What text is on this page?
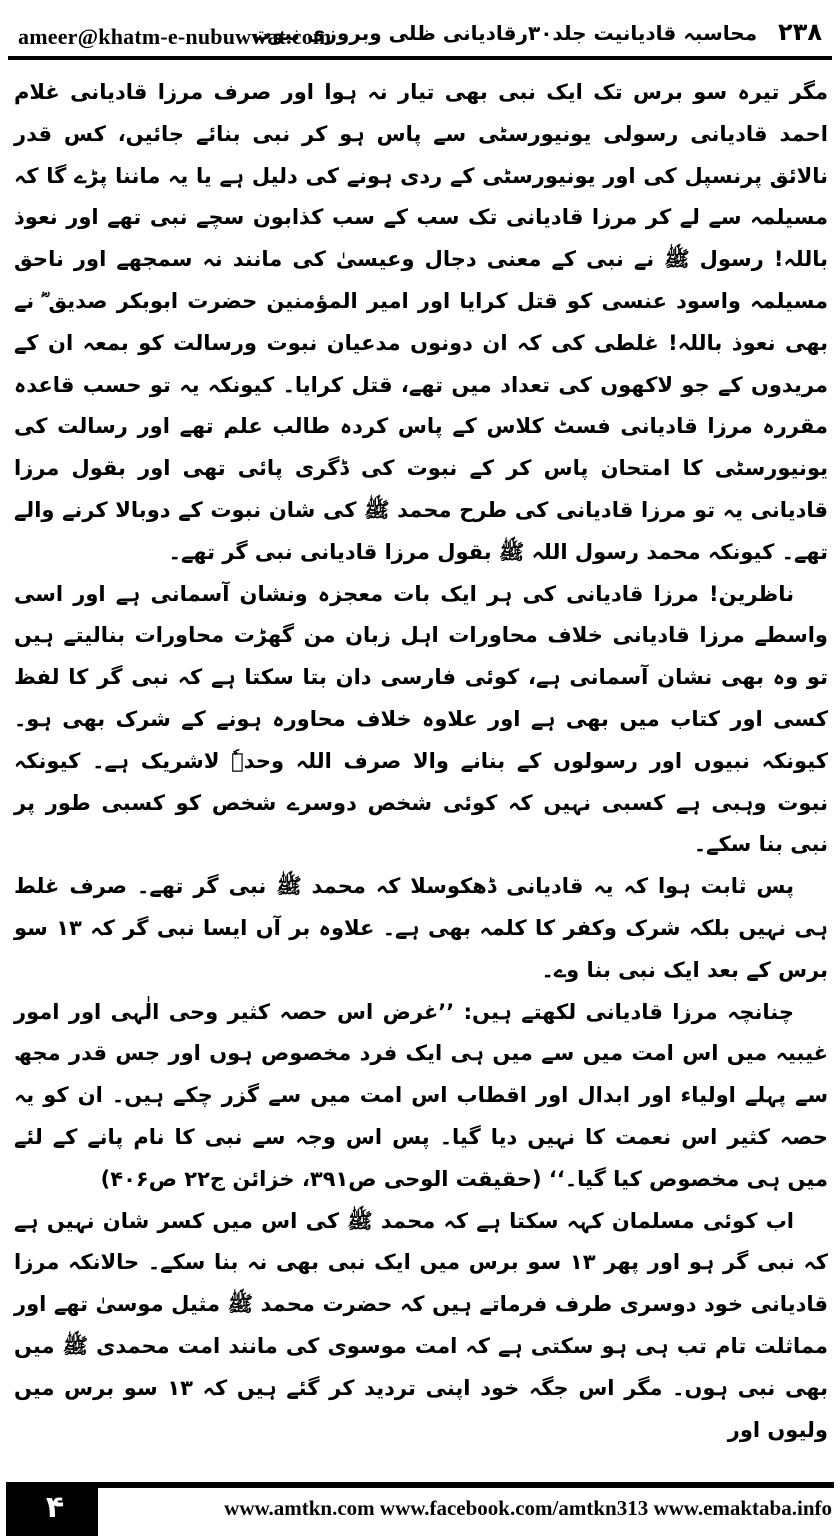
ameer@khatm-e-nubuwwat.com	۲۳۸ محاسبہ قادیانیت جلد۳۰رقادیانی ظلی وبروزی نبوت

مگر تیرہ سو برس تک ایک نبی بھی تیار نہ ہوا اور صرف مرزا قادیانی غلام احمد قادیانی رسولی یونیورسٹی سے پاس ہو کر نبی بنائے جائیں، کس قدر نالائق پرنسپل کی اور یونیورسٹی کے ردی ہونے کی دلیل ہے یا یہ ماننا پڑے گا کہ مسیلمہ سے لے کر مرزا قادیانی تک سب کے سب کذابون سچے نبی تھے اور نعوذ باللہ! رسول ﷺ نے نبی کے معنی دجال وعیسیٰ کی مانند نہ سمجھے اور ناحق مسیلمہ واسود عنسی کو قتل کرایا اور امیر المؤمنین حضرت ابوبکر صدیق ؓ نے بھی نعوذ باللہ! غلطی کی کہ ان دونوں مدعیان نبوت ورسالت کو بمعہ ان کے مریدوں کے جو لاکھوں کی تعداد میں تھے، قتل کرایا۔ کیونکہ یہ تو حسب قاعدہ مقررہ مرزا قادیانی فسٹ کلاس کے پاس کردہ طالب علم تھے اور رسالت کی یونیورسٹی کا امتحان پاس کر کے نبوت کی ڈگری پائی تھی اور بقول مرزا قادیانی یہ تو مرزا قادیانی کی طرح محمد ﷺ کی شان نبوت کے دوبالا کرنے والے تھے۔ کیونکہ محمد رسول اللہ ﷺ بقول مرزا قادیانی نبی گر تھے۔

ناظرین! مرزا قادیانی کی ہر ایک بات معجزہ ونشان آسمانی ہے اور اسی واسطے مرزا قادیانی خلاف محاورات اہل زبان من گھڑت محاورات بنالیتے ہیں تو وہ بھی نشان آسمانی ہے، کوئی فارسی دان بتا سکتا ہے کہ نبی گر کا لفظ کسی اور کتاب میں بھی ہے اور علاوہ خلاف محاورہ ہونے کے شرک بھی ہو۔ کیونکہ نبیوں اور رسولوں کے بنانے والا صرف اللہ وحدہٗ لاشریک ہے۔ کیونکہ نبوت وہبی ہے کسبی نہیں کہ کوئی شخص دوسرے شخص کو کسبی طور پر نبی بنا سکے۔

پس ثابت ہوا کہ یہ قادیانی ڈھکوسلا کہ محمد ﷺ نبی گر تھے۔ صرف غلط ہی نہیں بلکہ شرک وکفر کا کلمہ بھی ہے۔ علاوہ بر آں ایسا نبی گر کہ ۱۳ سو برس کے بعد ایک نبی بنا وے۔

چنانچہ مرزا قادیانی لکھتے ہیں: ’’غرض اس حصہ کثیر وحی الٰہی اور امور غیبیہ میں اس امت میں سے میں ہی ایک فرد مخصوص ہوں اور جس قدر مجھ سے پہلے اولیاء اور ابدال اور اقطاب اس امت میں سے گزر چکے ہیں۔ ان کو یہ حصہ کثیر اس نعمت کا نہیں دیا گیا۔ پس اس وجہ سے نبی کا نام پانے کے لئے میں ہی مخصوص کیا گیا۔‘‘ (حقیقت الوحی ص۳۹۱، خزائن ج۲۲ ص۴۰۶)

اب کوئی مسلمان کہہ سکتا ہے کہ محمد ﷺ کی اس میں کسر شان نہیں ہے کہ نبی گر ہو اور پھر ۱۳ سو برس میں ایک نبی بھی نہ بنا سکے۔ حالانکہ مرزا قادیانی خود دوسری طرف فرماتے ہیں کہ حضرت محمد ﷺ مثیل موسیٰ تھے اور مماثلت تام تب ہی ہو سکتی ہے کہ امت موسوی کی مانند امت محمدی ﷺ میں بھی نبی ہوں۔ مگر اس جگہ خود اپنی تردید کر گئے ہیں کہ ۱۳ سو برس میں ولیوں اور

۴	www.amtkn.com www.facebook.com/amtkn313 www.emaktaba.info
